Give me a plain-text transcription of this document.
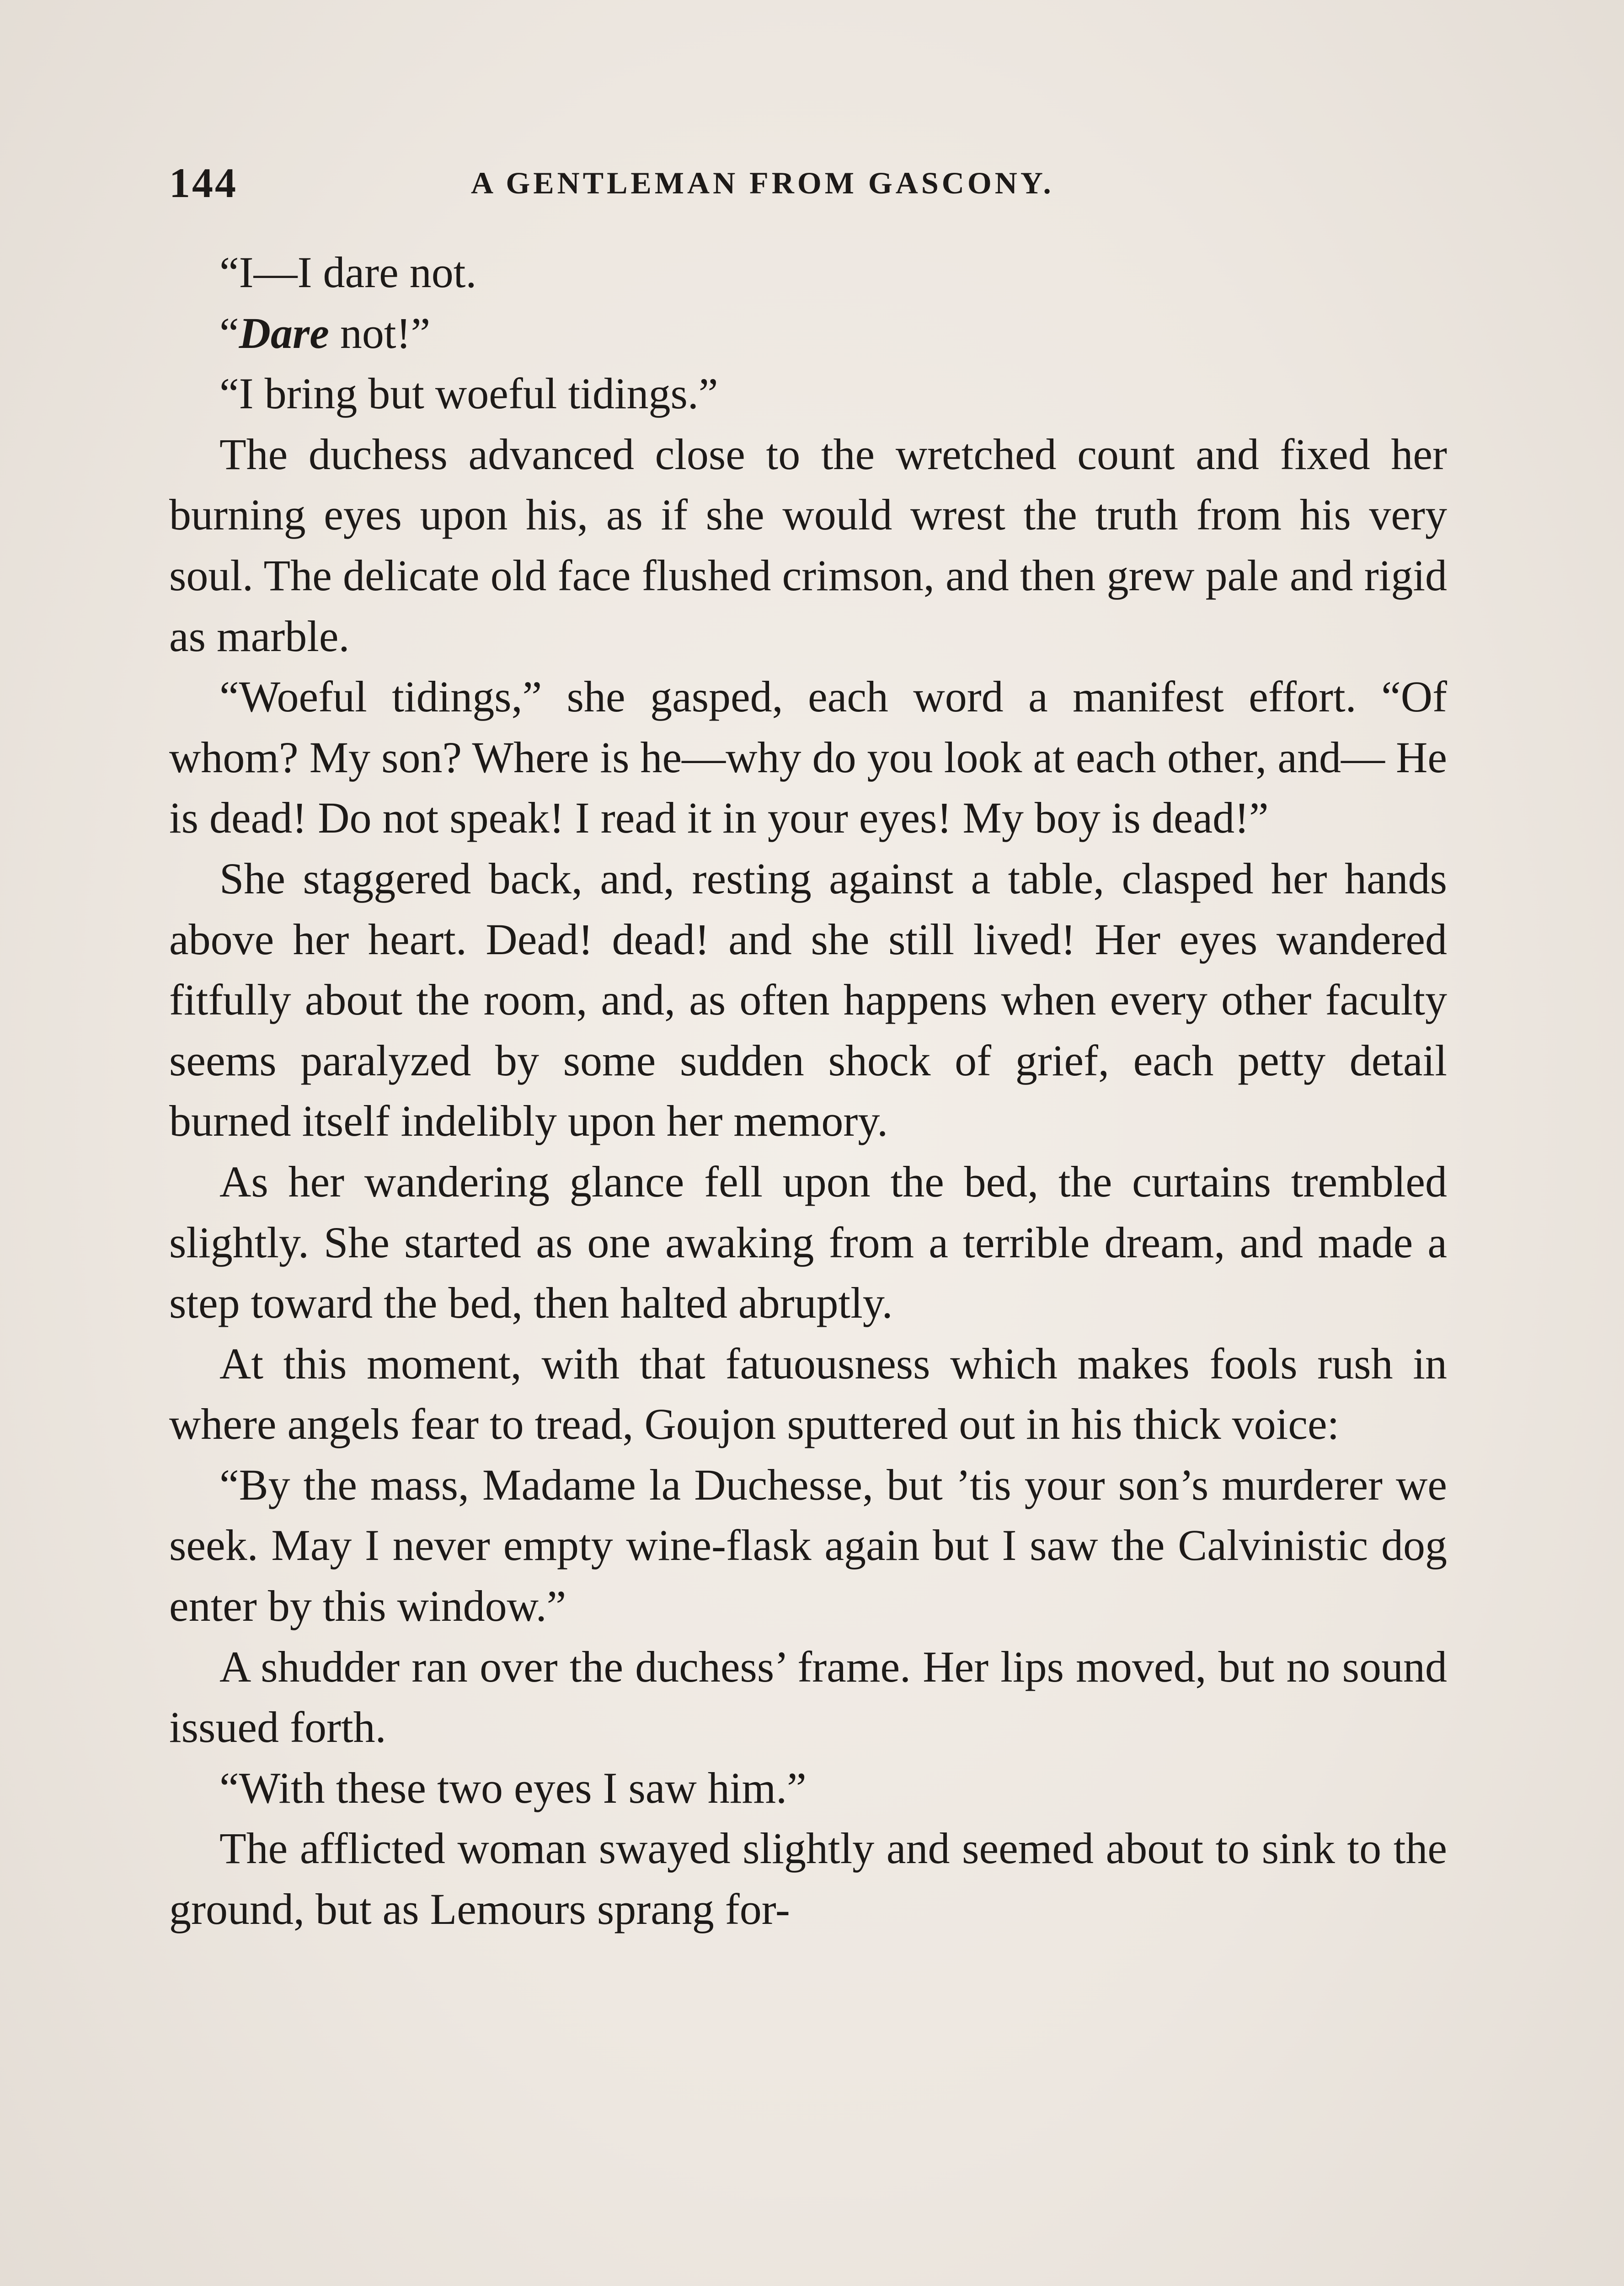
144	A GENTLEMAN FROM GASCONY.

“I—I dare not.

“Dare not!”

“I bring but woeful tidings.”

The duchess advanced close to the wretched count and fixed her burning eyes upon his, as if she would wrest the truth from his very soul. The delicate old face flushed crimson, and then grew pale and rigid as marble.

“Woeful tidings,” she gasped, each word a manifest effort. “Of whom? My son? Where is he—why do you look at each other, and— He is dead! Do not speak! I read it in your eyes! My boy is dead!”

She staggered back, and, resting against a table, clasped her hands above her heart. Dead! dead! and she still lived! Her eyes wandered fitfully about the room, and, as often happens when every other faculty seems paralyzed by some sudden shock of grief, each petty detail burned itself indelibly upon her memory.

As her wandering glance fell upon the bed, the curtains trembled slightly. She started as one awaking from a terrible dream, and made a step toward the bed, then halted abruptly.

At this moment, with that fatuousness which makes fools rush in where angels fear to tread, Goujon sputtered out in his thick voice:

“By the mass, Madame la Duchesse, but ’tis your son’s murderer we seek. May I never empty wine-flask again but I saw the Calvinistic dog enter by this window.”

A shudder ran over the duchess’ frame. Her lips moved, but no sound issued forth.

“With these two eyes I saw him.”

The afflicted woman swayed slightly and seemed about to sink to the ground, but as Lemours sprang for-
